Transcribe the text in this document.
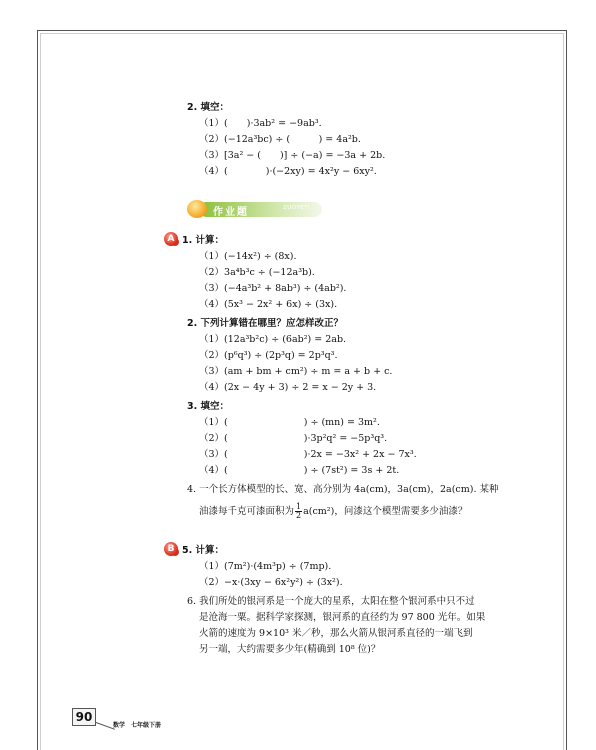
2. 填空：
（1）(　　)·3ab² = −9ab³.
（2）(−12a³bc) ÷ (　　　) = 4a²b.
（3）[3a² − (　　)] ÷ (−a) = −3a + 2b.
（4）(　　　　)·(−2xy) = 4x²y − 6xy².
作业题	ZUOYETI
A 1. 计算：
（1）(−14x²) ÷ (8x).
（2）3a⁴b³c ÷ (−12a³b).
（3）(−4a³b² + 8ab³) ÷ (4ab²).
（4）(5x³ − 2x² + 6x) ÷ (3x).
2. 下列计算错在哪里？应怎样改正？
（1）(12a³b²c) ÷ (6ab²) = 2ab.
（2）(p⁶q³) ÷ (2p³q) = 2p³q³.
（3）(am + bm + cm²) ÷ m = a + b + c.
（4）(2x − 4y + 3) ÷ 2 = x − 2y + 3.
3. 填空：
（1）(　　　　　　　　) ÷ (mn) = 3m².
（2）(　　　　　　　　)·3p²q² = −5p³q³.
（3）(　　　　　　　　)·2x = −3x² + 2x − 7x³.
（4）(　　　　　　　　) ÷ (7st²) = 3s + 2t.
4. 一个长方体模型的长、宽、高分别为 4a(cm)，3a(cm)，2a(cm). 某种
油漆每千克可漆面积为 $\frac{1}{2} a(cm^2)$，问漆这个模型需要多少油漆？
B 5. 计算：
（1）(7m²)·(4m³p) ÷ (7mp).
（2）−x·(3xy − 6x²y²) ÷ (3x²).
6. 我们所处的银河系是一个庞大的星系，太阳在整个银河系中只不过
是沧海一粟。据科学家探测，银河系的直径约为 97 800 光年。如果
火箭的速度为 9×10³ 米／秒，那么火箭从银河系直径的一端飞到
另一端，大约需要多少年(精确到 10⁸ 位)？
90
数学　七年级下册
